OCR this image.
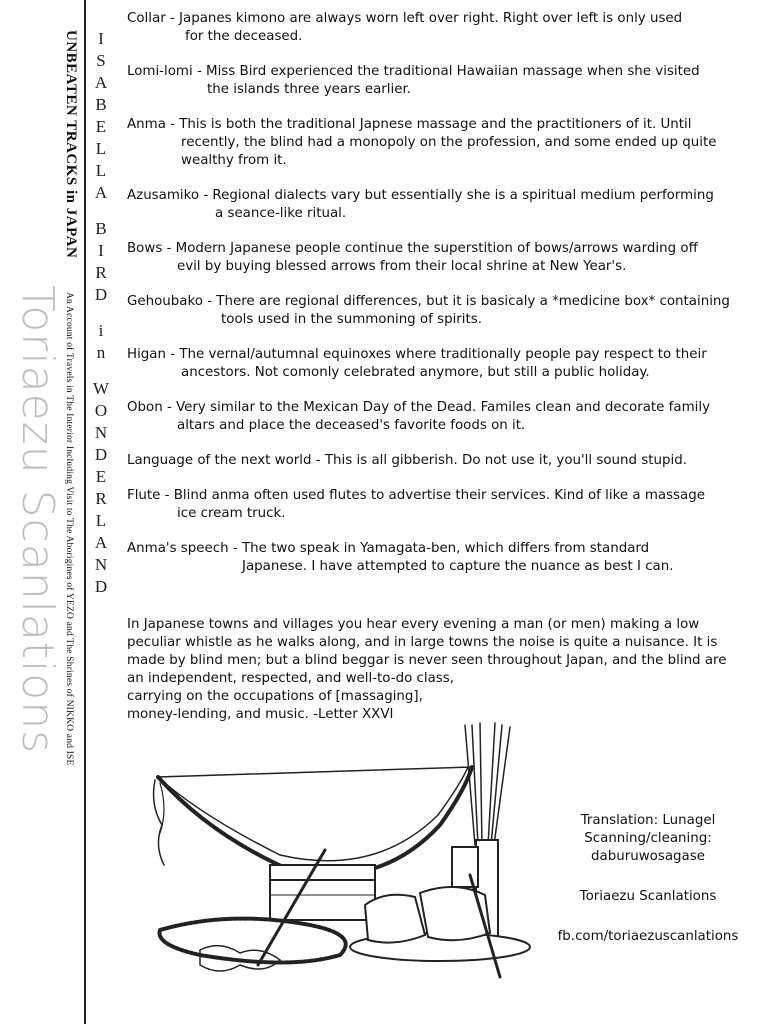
UNBEATEN TRACKS in JAPAN
An Account of Travels in The Interior Including Visit to The Aborigines of YEZO and The Shrines of NIKKO and ISE
Toriaezu Scanlations
I
S
A
B
E
L
L
A
B
I
R
D
i
n
W
O
N
D
E
R
L
A
N
D
Collar - Japanes kimono are always worn left over right. Right over left is only used
for the deceased.
Lomi-lomi - Miss Bird experienced the traditional Hawaiian massage when she visited
the islands three years earlier.
Anma - This is both the traditional Japnese massage and the practitioners of it. Until
recently, the blind had a monopoly on the profession, and some ended up quite
wealthy from it.
Azusamiko - Regional dialects vary but essentially she is a spiritual medium performing
a seance-like ritual.
Bows - Modern Japanese people continue the superstition of bows/arrows warding off
evil by buying blessed arrows from their local shrine at New Year's.
Gehoubako - There are regional differences, but it is basicaly a *medicine box* containing
tools used in the summoning of spirits.
Higan - The vernal/autumnal equinoxes where traditionally people pay respect to their
ancestors. Not comonly celebrated anymore, but still a public holiday.
Obon - Very similar to the Mexican Day of the Dead. Familes clean and decorate family
altars and place the deceased's favorite foods on it.
Language of the next world - This is all gibberish. Do not use it, you'll sound stupid.
Flute - Blind anma often used flutes to advertise their services. Kind of like a massage
ice cream truck.
Anma's speech - The two speak in Yamagata-ben, which differs from standard
Japanese. I have attempted to capture the nuance as best I can.
In Japanese towns and villages you hear every evening a man (or men) making a low
peculiar whistle as he walks along, and in large towns the noise is quite a nuisance. It is
made by blind men; but a blind beggar is never seen throughout Japan, and the blind are
an independent, respected, and well-to-do class,
carrying on the occupations of [massaging],
money-lending, and music. -Letter XXVI
Translation: Lunagel
Scanning/cleaning:
daburuwosagase
Toriaezu Scanlations
fb.com/toriaezuscanlations
